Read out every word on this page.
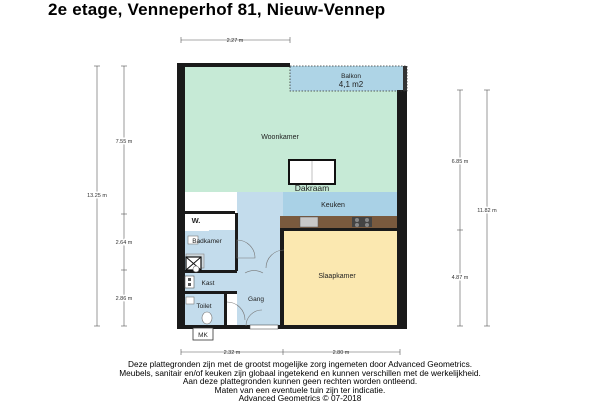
2e etage, Venneperhof 81, Nieuw-Vennep
Balkon
4,1 m2
Woonkamer
Dakraam
Keuken
W.
Badkamer
Kast
Toilet
Gang
Slaapkamer
MK
2.27 m
2.32 m	2.80 m
13.25 m
7.55 m
2.64 m
2.86 m
6.85 m
11.82 m
4.87 m
Deze plattegronden zijn met de grootst mogelijke zorg ingemeten door Advanced Geometrics.
Meubels, sanitair en/of keuken zijn globaal ingetekend en kunnen verschillen met de werkelijkheid.
Aan deze plattegronden kunnen geen rechten worden ontleend.
Maten van een eventuele tuin zijn ter indicatie.
Advanced Geometrics © 07-2018
